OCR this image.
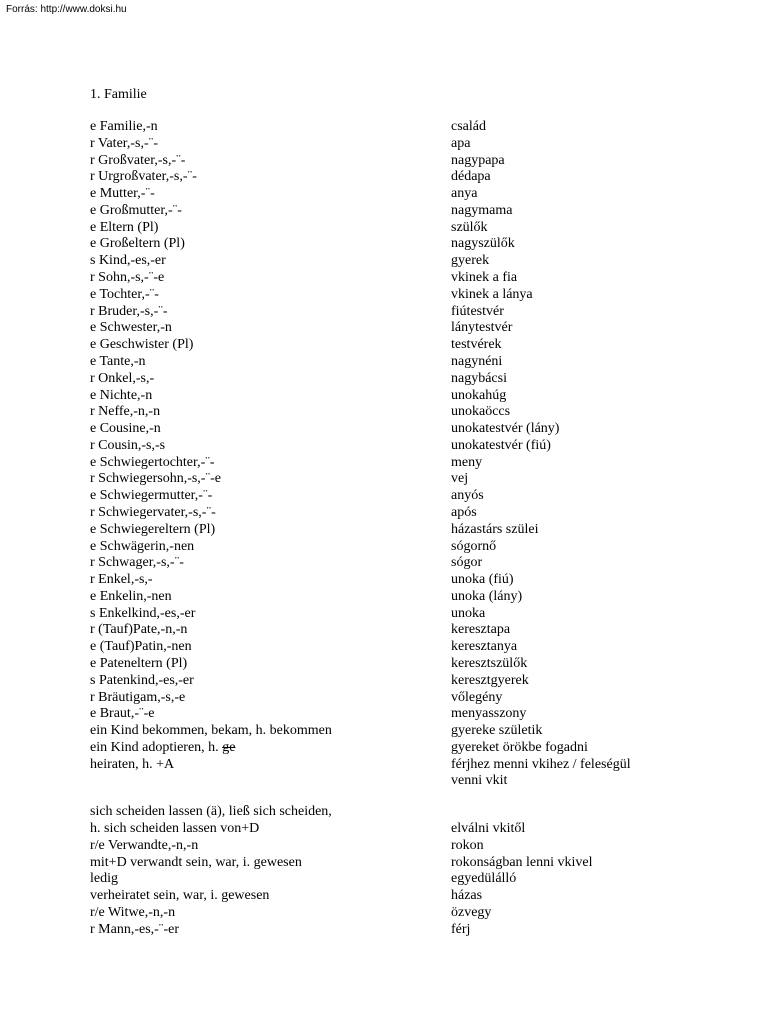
Forrás: http://www.doksi.hu
1. Familie
e Familie,-n	család
r Vater,-s,-¨-	apa
r Großvater,-s,-¨-	nagypapa
r Urgroßvater,-s,-¨-	dédapa
e Mutter,-¨-	anya
e Großmutter,-¨-	nagymama
e Eltern (Pl)	szülők
e Großeltern (Pl)	nagyszülők
s Kind,-es,-er	gyerek
r Sohn,-s,-¨-e	vkinek a fia
e Tochter,-¨-	vkinek a lánya
r Bruder,-s,-¨-	fiútestvér
e Schwester,-n	lánytestvér
e Geschwister (Pl)	testvérek
e Tante,-n	nagynéni
r Onkel,-s,-	nagybácsi
e Nichte,-n	unokahúg
r Neffe,-n,-n	unokaöccs
e Cousine,-n	unokatestvér (lány)
r Cousin,-s,-s	unokatestvér (fiú)
e Schwiegertochter,-¨-	meny
r Schwiegersohn,-s,-¨-e	vej
e Schwiegermutter,-¨-	anyós
r Schwiegervater,-s,-¨-	após
e Schwiegereltern (Pl)	házastárs szülei
e Schwägerin,-nen	sógornő
r Schwager,-s,-¨-	sógor
r Enkel,-s,-	unoka (fiú)
e Enkelin,-nen	unoka (lány)
s Enkelkind,-es,-er	unoka
r (Tauf)Pate,-n,-n	keresztapa
e (Tauf)Patin,-nen	keresztanya
e Pateneltern (Pl)	keresztszülők
s Patenkind,-es,-er	keresztgyerek
r Bräutigam,-s,-e	vőlegény
e Braut,-¨-e	menyasszony
ein Kind bekommen, bekam, h. bekommen	gyereke születik
ein Kind adoptieren, h. ge	gyereket örökbe fogadni
heiraten, h. +A	férjhez menni vkihez / feleségül
venni vkit
sich scheiden lassen (ä), ließ sich scheiden,
h. sich scheiden lassen von+D	elválni vkitől
r/e Verwandte,-n,-n	rokon
mit+D verwandt sein, war, i. gewesen	rokonságban lenni vkivel
ledig	egyedülálló
verheiratet sein, war, i. gewesen	házas
r/e Witwe,-n,-n	özvegy
r Mann,-es,-¨-er	férj
